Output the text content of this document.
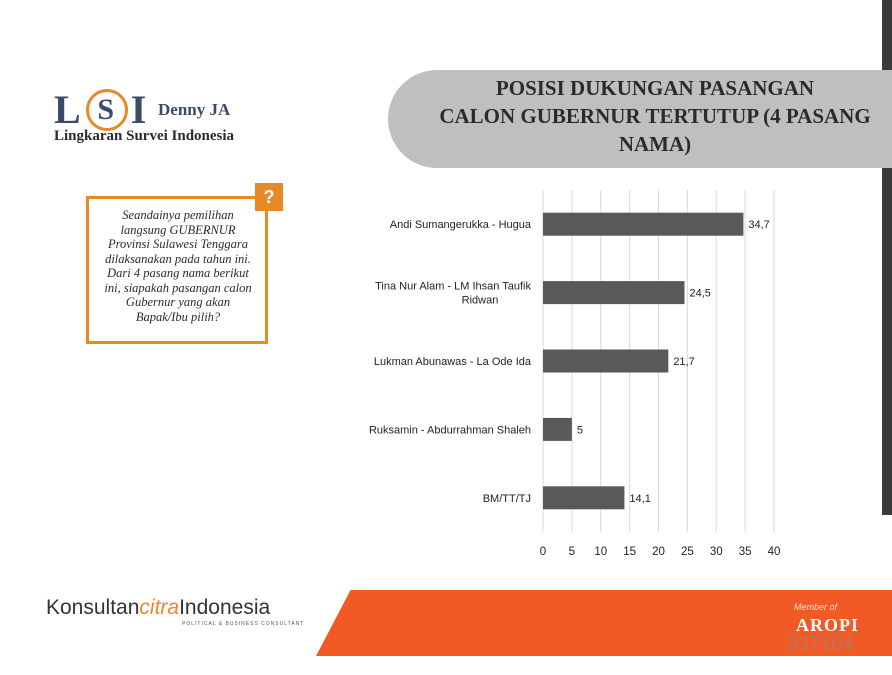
POSISI DUKUNGAN PASANGAN
CALON GUBERNUR TERTUTUP (4 PASANG
NAMA)
L S I Denny JA
Lingkaran Survei Indonesia
?
Seandainya pemilihan
langsung GUBERNUR
Provinsi Sulawesi Tenggara
dilaksanakan pada tahun ini.
Dari 4 pasang nama berikut
ini, siapakah pasangan calon
Gubernur yang akan
Bapak/Ibu pilih?
Andi Sumangerukka - Hugua	34,7
Tina Nur Alam - LM Ihsan Taufik Ridwan
24,5
Lukman Abunawas - La Ode Ida	21,7
Ruksamin - Abdurrahman Shaleh	5
BM/TT/TJ	14,1
0 5 10 15 20 25 30 35 40
KonsultancitraIndonesia
POLITICAL & BUSINESS CONSULTANT
Member of
AROPI
337104
